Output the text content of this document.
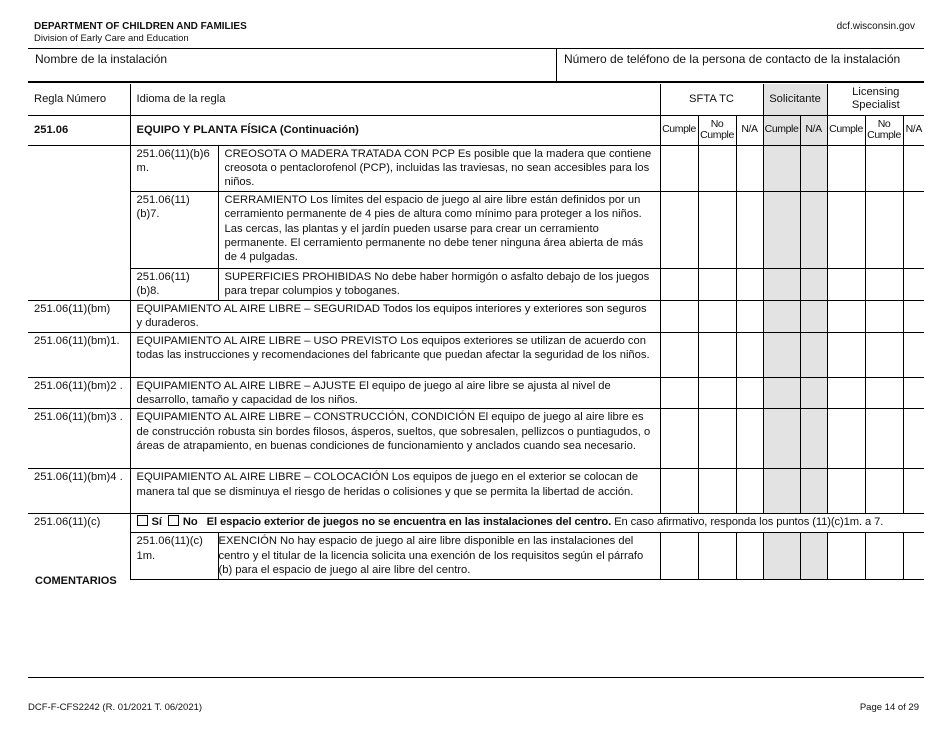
DEPARTMENT OF CHILDREN AND FAMILIES
Division of Early Care and Education
dcf.wisconsin.gov
Nombre de la instalación	Número de teléfono de la persona de contacto de la instalación
Regla Número	Idioma de la regla		SFTA TC			Solicitante		Licensing Specialist		
251.06	EQUIPO Y PLANTA FÍSICA (Continuación)		Cumple	No Cumple	N/A	Cumple	N/A	Cumple	No Cumple	N/A
	251.06(11)(b)6 m.	CREOSOTA O MADERA TRATADA CON PCP Es posible que la madera que contiene creosota o pentaclorofenol (PCP), incluidas las traviesas, no sean accesibles para los niños.								
	251.06(11)(b)7.	CERRAMIENTO Los límites del espacio de juego al aire libre están definidos por un cerramiento permanente de 4 pies de altura como mínimo para proteger a los niños. Las cercas, las plantas y el jardín pueden usarse para crear un cerramiento permanente. El cerramiento permanente no debe tener ninguna área abierta de más de 4 pulgadas.								
	251.06(11)(b)8.	SUPERFICIES PROHIBIDAS No debe haber hormigón o asfalto debajo de los juegos para trepar columpios y toboganes.								
251.06(11)(bm)	EQUIPAMIENTO AL AIRE LIBRE – SEGURIDAD Todos los equipos interiores y exteriores son seguros y duraderos.									
251.06(11)(bm)1.	EQUIPAMIENTO AL AIRE LIBRE – USO PREVISTO Los equipos exteriores se utilizan de acuerdo con todas las instrucciones y recomendaciones del fabricante que puedan afectar la seguridad de los niños.									
251.06(11)(bm)2 .	EQUIPAMIENTO AL AIRE LIBRE – AJUSTE El equipo de juego al aire libre se ajusta al nivel de desarrollo, tamaño y capacidad de los niños.									
251.06(11)(bm)3 .	EQUIPAMIENTO AL AIRE LIBRE – CONSTRUCCIÓN, CONDICIÓN El equipo de juego al aire libre es de construcción robusta sin bordes filosos, ásperos, sueltos, que sobresalen, pellizcos o puntiagudos, o áreas de atrapamiento, en buenas condiciones de funcionamiento y anclados cuando sea necesario.									
251.06(11)(bm)4 .	EQUIPAMIENTO AL AIRE LIBRE – COLOCACIÓN Los equipos de juego en el exterior se colocan de manera tal que se disminuya el riesgo de heridas o colisiones y que se permita la libertad de acción.									
251.06(11)(c)	Sí No El espacio exterior de juegos no se encuentra en las instalaciones del centro. En caso afirmativo, responda los puntos (11)(c)1m. a 7.									
	251.06(11)(c) 1m.	EXENCIÓN No hay espacio de juego al aire libre disponible en las instalaciones del centro y el titular de la licencia solicita una exención de los requisitos según el párrafo (b) para el espacio de juego al aire libre del centro.								
COMENTARIOS
DCF-F-CFS2242 (R. 01/2021 T. 06/2021)	Page 14 of 29
